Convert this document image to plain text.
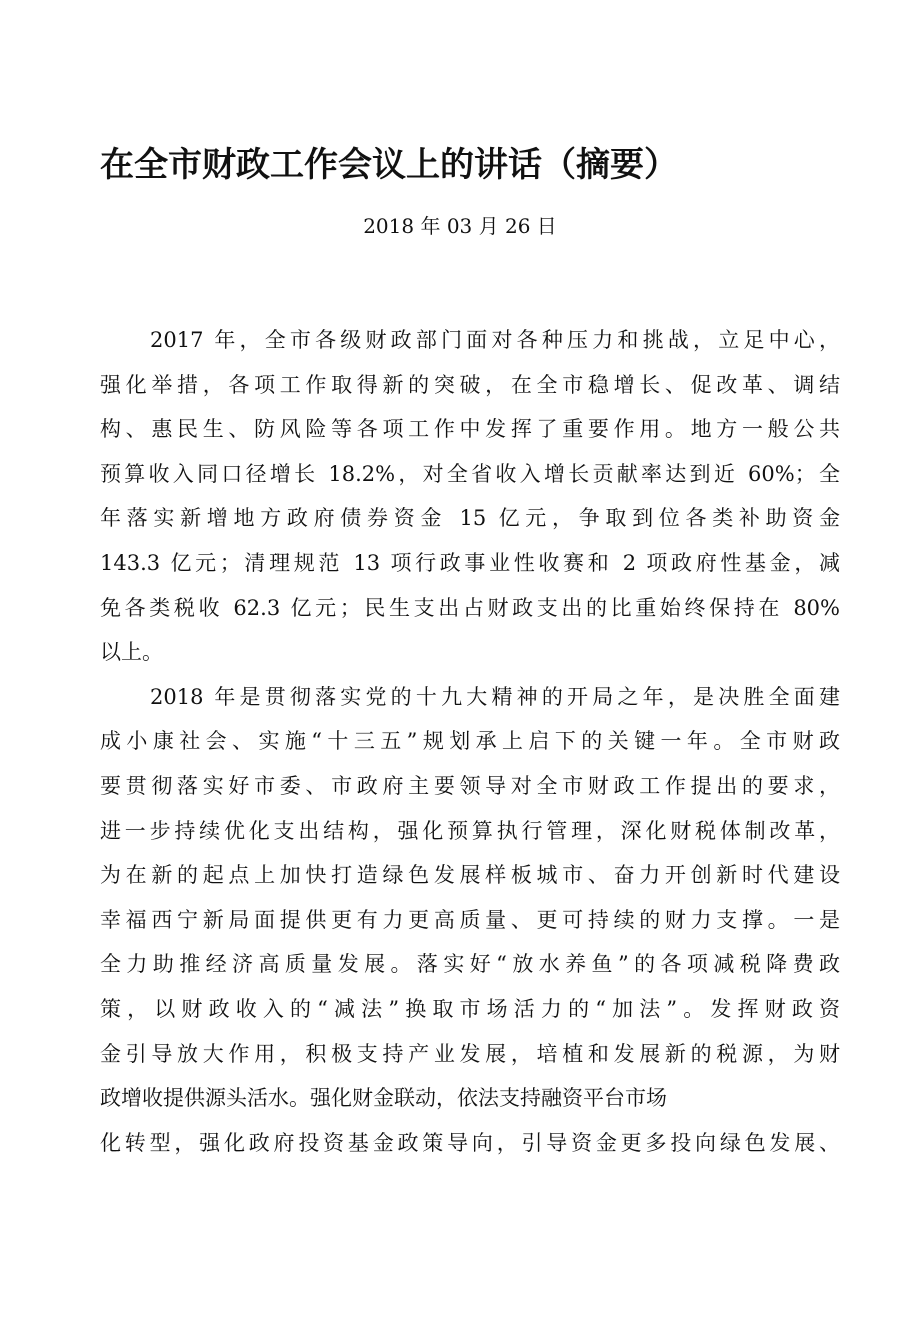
在全市财政工作会议上的讲话（摘要）
2018 年 03 月 26 日
2017 年，全市各级财政部门面对各种压力和挑战，立足中心，
强化举措，各项工作取得新的突破，在全市稳增长、促改革、调结
构、惠民生、防风险等各项工作中发挥了重要作用。地方一般公共
预算收入同口径增长 18.2%，对全省收入增长贡献率达到近 60%；全
年落实新增地方政府债券资金 15 亿元，争取到位各类补助资金
143.3 亿元；清理规范 13 项行政事业性收赛和 2 项政府性基金，减
免各类税收 62.3 亿元；民生支出占财政支出的比重始终保持在 80%
以上。
2018 年是贯彻落实党的十九大精神的开局之年，是决胜全面建
成小康社会、实施“十三五”规划承上启下的关键一年。全市财政
要贯彻落实好市委、市政府主要领导对全市财政工作提出的要求，
进一步持续优化支出结构，强化预算执行管理，深化财税体制改革，
为在新的起点上加快打造绿色发展样板城市、奋力开创新时代建设
幸福西宁新局面提供更有力更高质量、更可持续的财力支撑。一是
全力助推经济高质量发展。落实好“放水养鱼”的各项减税降费政
策，以财政收入的“减法”换取市场活力的“加法”。发挥财政资
金引导放大作用，积极支持产业发展，培植和发展新的税源，为财
政增收提供源头活水。强化财金联动，依法支持融资平台市场
化转型，强化政府投资基金政策导向，引导资金更多投向绿色发展、
